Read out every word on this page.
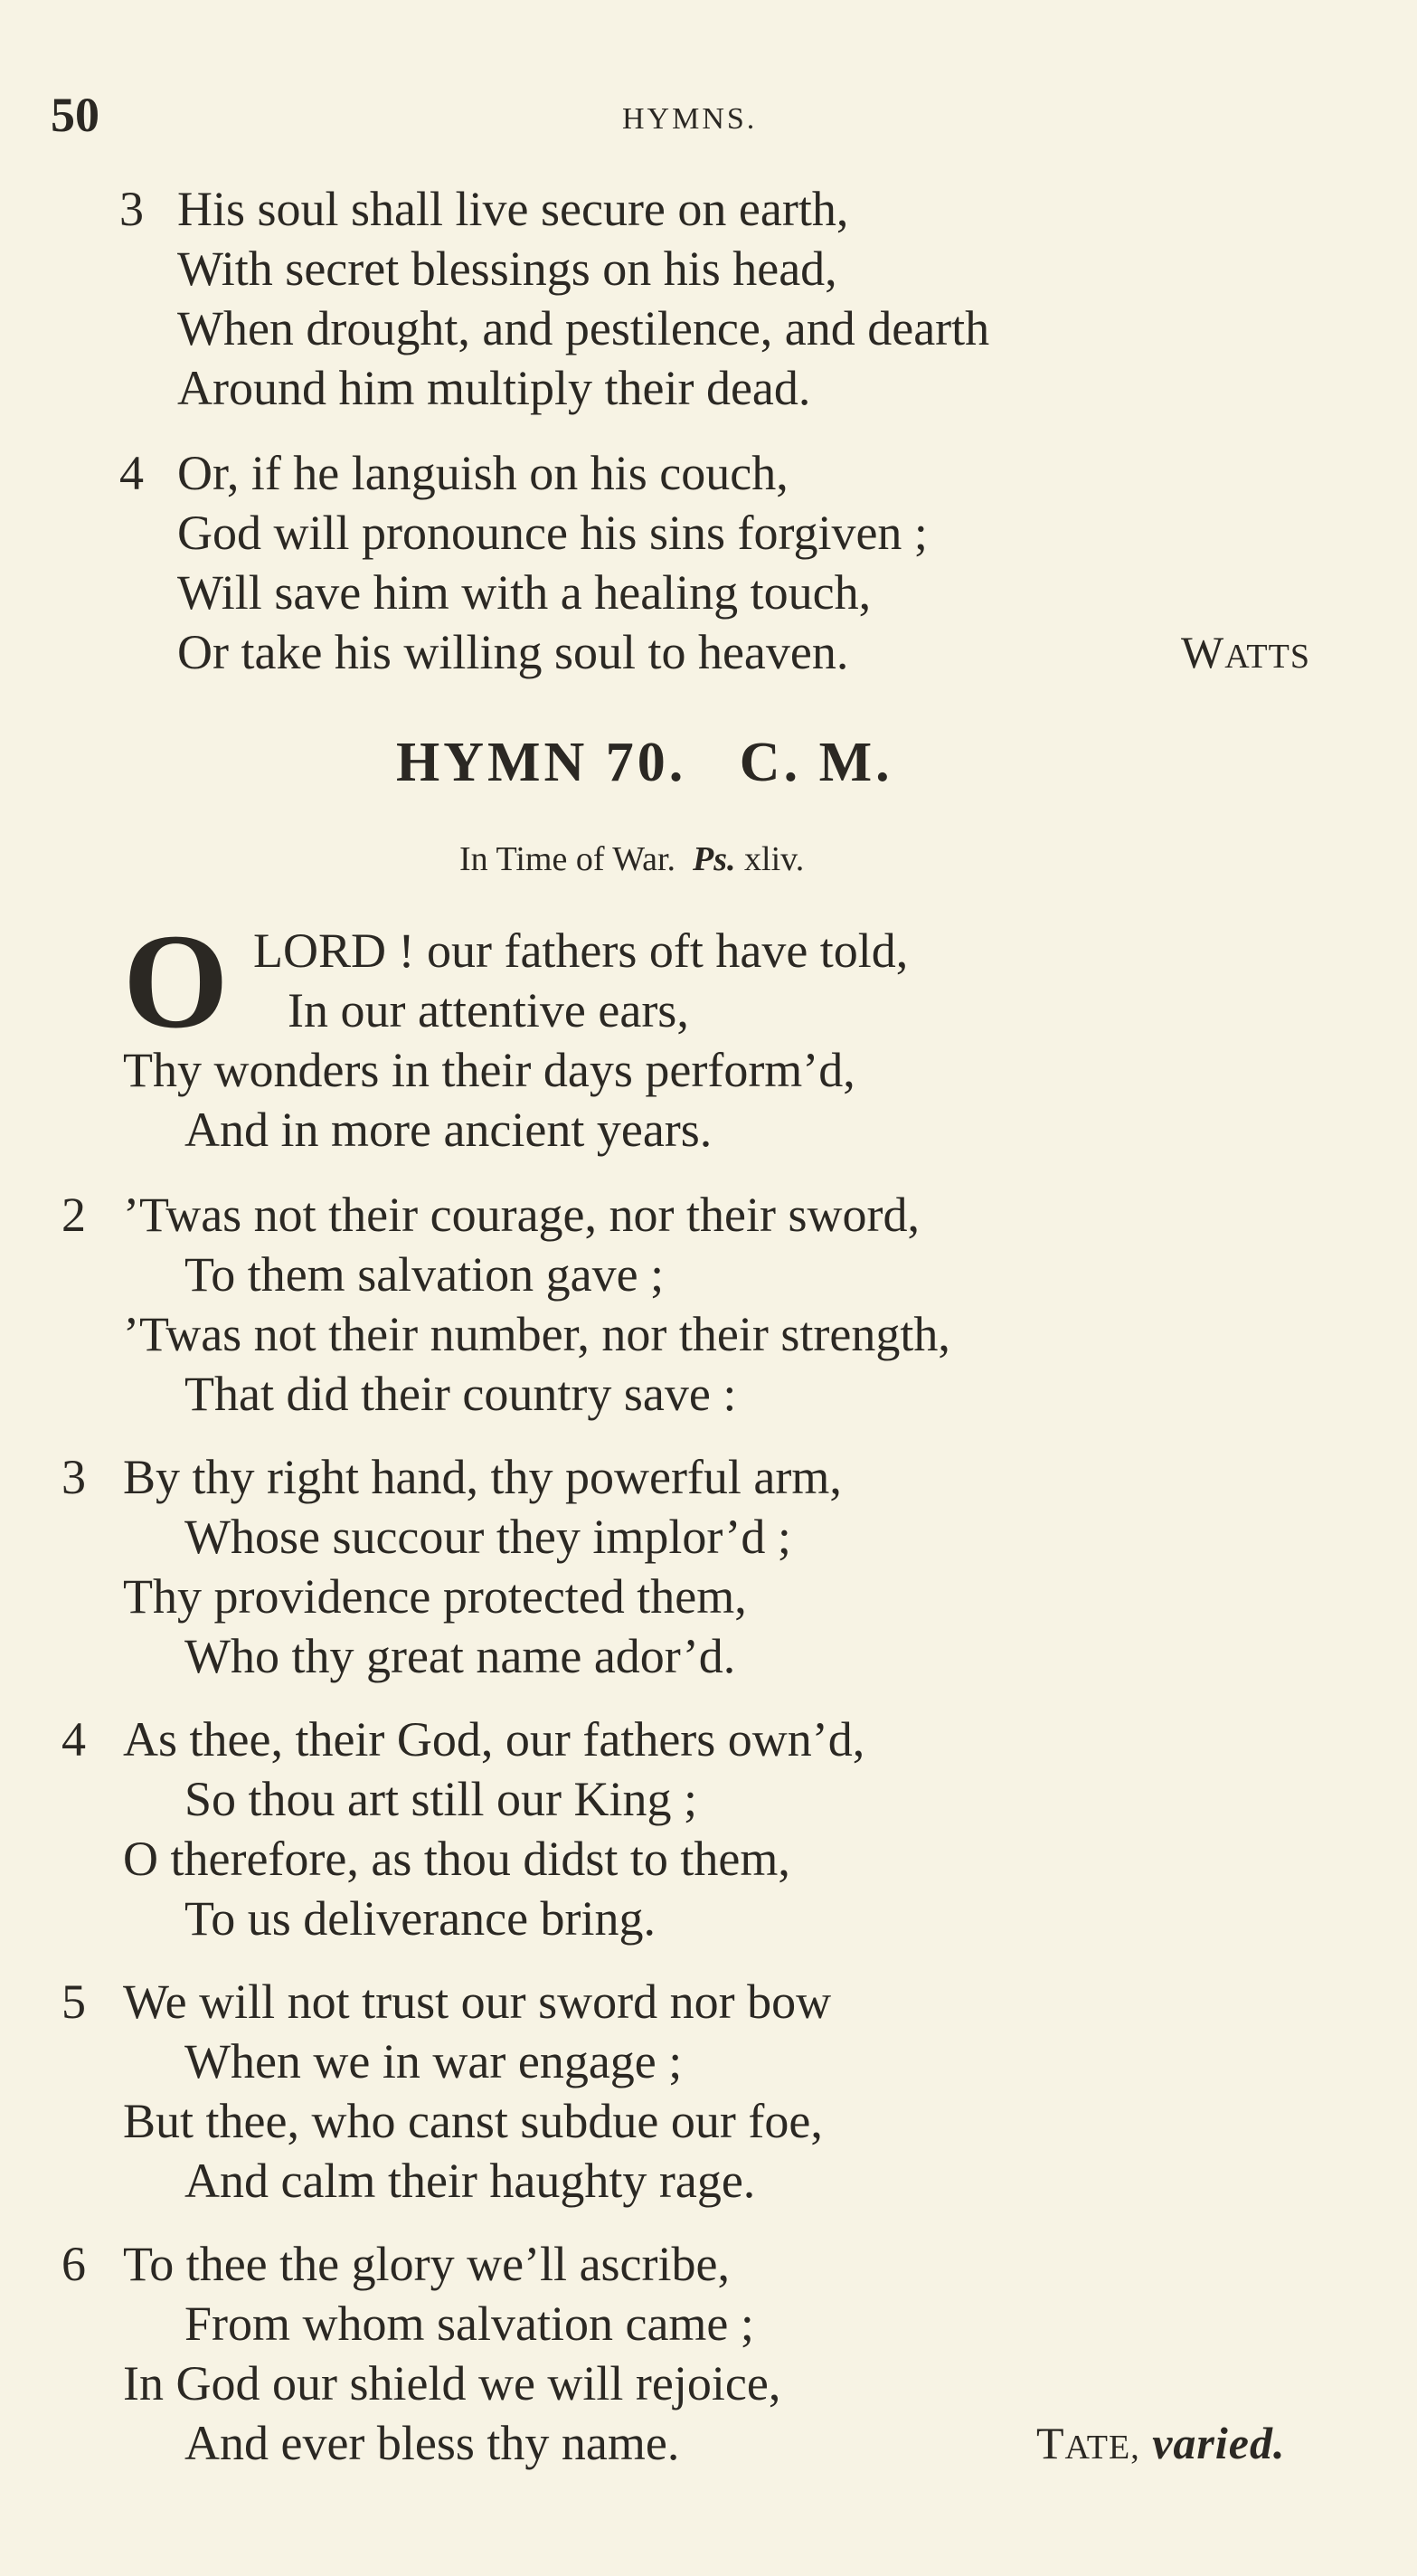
50	HYMNS.
3 His soul shall live secure on earth,
With secret blessings on his head,
When drought, and pestilence, and dearth
Around him multiply their dead.
4 Or, if he languish on his couch,
God will pronounce his sins forgiven ;
Will save him with a healing touch,
Or take his willing soul to heaven.	WATTS
HYMN 70.   C. M.
In Time of War. Ps. xliv.
O LORD ! our fathers oft have told,
In our attentive ears,
Thy wonders in their days perform’d,
And in more ancient years.
2 ’Twas not their courage, nor their sword,
To them salvation gave ;
’Twas not their number, nor their strength,
That did their country save :
3 By thy right hand, thy powerful arm,
Whose succour they implor’d ;
Thy providence protected them,
Who thy great name ador’d.
4 As thee, their God, our fathers own’d,
So thou art still our King ;
O therefore, as thou didst to them,
To us deliverance bring.
5 We will not trust our sword nor bow
When we in war engage ;
But thee, who canst subdue our foe,
And calm their haughty rage.
6 To thee the glory we’ll ascribe,
From whom salvation came ;
In God our shield we will rejoice,
And ever bless thy name.	TATE, varied.
